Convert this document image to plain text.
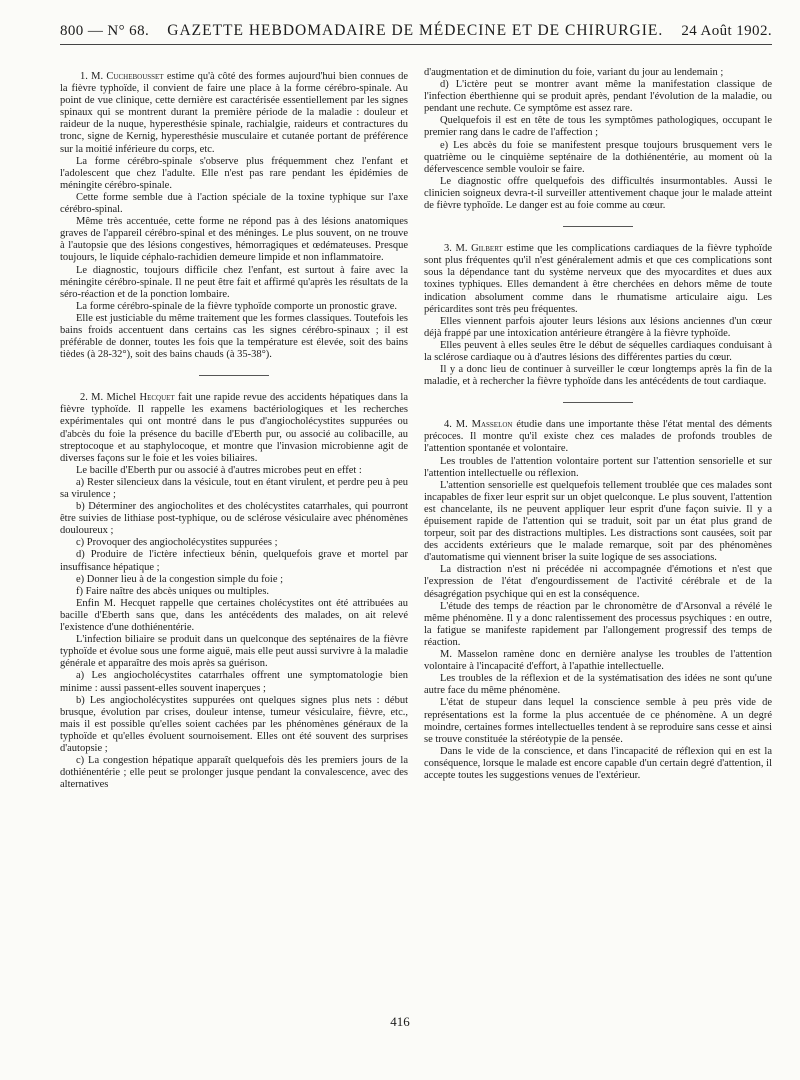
800 — N° 68. GAZETTE HEBDOMADAIRE DE MÉDECINE ET DE CHIRURGIE. 24 Août 1902.

1. M. Cuchebousset estime qu'à côté des formes aujourd'hui bien connues de la fièvre typhoïde, il convient de faire une place à la forme cérébro-spinale. Au point de vue clinique, cette dernière est caractérisée essentiellement par les signes spinaux qui se montrent durant la première période de la maladie : douleur et raideur de la nuque, hyperesthésie spinale, rachialgie, raideurs et contractures du tronc, signe de Kernig, hyperesthésie musculaire et cutanée portant de préférence sur la moitié inférieure du corps, etc.

La forme cérébro-spinale s'observe plus fréquemment chez l'enfant et l'adolescent que chez l'adulte. Elle n'est pas rare pendant les épidémies de méningite cérébro-spinale.

Cette forme semble due à l'action spéciale de la toxine typhique sur l'axe cérébro-spinal.

Même très accentuée, cette forme ne répond pas à des lésions anatomiques graves de l'appareil cérébro-spinal et des méninges. Le plus souvent, on ne trouve à l'autopsie que des lésions congestives, hémorragiques et œdémateuses. Presque toujours, le liquide céphalo-rachidien demeure limpide et non inflammatoire.

Le diagnostic, toujours difficile chez l'enfant, est surtout à faire avec la méningite cérébro-spinale. Il ne peut être fait et affirmé qu'après les résultats de la séro-réaction et de la ponction lombaire.

La forme cérébro-spinale de la fièvre typhoïde comporte un pronostic grave.

Elle est justiciable du même traitement que les formes classiques. Toutefois les bains froids accentuent dans certains cas les signes cérébro-spinaux ; il est préférable de donner, toutes les fois que la température est élevée, soit des bains tièdes (à 28-32°), soit des bains chauds (à 35-38°).

2. M. Michel Hecquet fait une rapide revue des accidents hépatiques dans la fièvre typhoïde. Il rappelle les examens bactériologiques et les recherches expérimentales qui ont montré dans le pus d'angiocholécystites suppurées ou d'abcès du foie la présence du bacille d'Eberth pur, ou associé au colibacille, au streptocoque et au staphylocoque, et montre que l'invasion microbienne agit de diverses façons sur le foie et les voies biliaires.

Le bacille d'Eberth pur ou associé à d'autres microbes peut en effet :

a) Rester silencieux dans la vésicule, tout en étant virulent, et perdre peu à peu sa virulence ;

b) Déterminer des angiocholites et des cholécystites catarrhales, qui pourront être suivies de lithiase post-typhique, ou de sclérose vésiculaire avec phénomènes douloureux ;

c) Provoquer des angiocholécystites suppurées ;

d) Produire de l'ictère infectieux bénin, quelquefois grave et mortel par insuffisance hépatique ;

e) Donner lieu à de la congestion simple du foie ;

f) Faire naître des abcès uniques ou multiples.

Enfin M. Hecquet rappelle que certaines cholécystites ont été attribuées au bacille d'Eberth sans que, dans les antécédents des malades, on ait relevé l'existence d'une dothiénentérie.

L'infection biliaire se produit dans un quelconque des septénaires de la fièvre typhoïde et évolue sous une forme aiguë, mais elle peut aussi survivre à la maladie générale et apparaître des mois après sa guérison.

a) Les angiocholécystites catarrhales offrent une symptomatologie bien minime : aussi passent-elles souvent inaperçues ;

b) Les angiocholécystites suppurées ont quelques signes plus nets : début brusque, évolution par crises, douleur intense, tumeur vésiculaire, fièvre, etc., mais il est possible qu'elles soient cachées par les phénomènes généraux de la typhoïde et qu'elles évoluent sournoisement. Elles ont été souvent des surprises d'autopsie ;

c) La congestion hépatique apparaît quelquefois dès les premiers jours de la dothiénentérie ; elle peut se prolonger jusque pendant la convalescence, avec des alternatives

d'augmentation et de diminution du foie, variant du jour au lendemain ;

d) L'ictère peut se montrer avant même la manifestation classique de l'infection éberthienne qui se produit après, pendant l'évolution de la maladie, ou pendant une rechute. Ce symptôme est assez rare.

Quelquefois il est en tête de tous les symptômes pathologiques, occupant le premier rang dans le cadre de l'affection ;

e) Les abcès du foie se manifestent presque toujours brusquement vers le quatrième ou le cinquième septénaire de la dothiénentérie, au moment où la défervescence semble vouloir se faire.

Le diagnostic offre quelquefois des difficultés insurmontables. Aussi le clinicien soigneux devra-t-il surveiller attentivement chaque jour le malade atteint de fièvre typhoïde. Le danger est au foie comme au cœur.

3. M. Gilbert estime que les complications cardiaques de la fièvre typhoïde sont plus fréquentes qu'il n'est généralement admis et que ces complications sont sous la dépendance tant du système nerveux que des myocardites et dues aux toxines typhiques. Elles demandent à être cherchées en dehors même de toute indication absolument comme dans le rhumatisme articulaire aigu. Les péricardites sont très peu fréquentes.

Elles viennent parfois ajouter leurs lésions aux lésions anciennes d'un cœur déjà frappé par une intoxication antérieure étrangère à la fièvre typhoïde.

Elles peuvent à elles seules être le début de séquelles cardiaques conduisant à la sclérose cardiaque ou à d'autres lésions des différentes parties du cœur.

Il y a donc lieu de continuer à surveiller le cœur longtemps après la fin de la maladie, et à rechercher la fièvre typhoïde dans les antécédents de tout cardiaque.

4. M. Masselon étudie dans une importante thèse l'état mental des déments précoces. Il montre qu'il existe chez ces malades de profonds troubles de l'attention spontanée et volontaire.

Les troubles de l'attention volontaire portent sur l'attention sensorielle et sur l'attention intellectuelle ou réflexion.

L'attention sensorielle est quelquefois tellement troublée que ces malades sont incapables de fixer leur esprit sur un objet quelconque. Le plus souvent, l'attention est chancelante, ils ne peuvent appliquer leur esprit d'une façon suivie. Il y a épuisement rapide de l'attention qui se traduit, soit par un état plus grand de torpeur, soit par des distractions multiples. Les distractions sont causées, soit par des accidents extérieurs que le malade remarque, soit par des phénomènes d'automatisme qui viennent briser la suite logique de ses associations.

La distraction n'est ni précédée ni accompagnée d'émotions et n'est que l'expression de l'état d'engourdissement de l'activité cérébrale et de la désagrégation psychique qui en est la conséquence.

L'étude des temps de réaction par le chronomètre de d'Arsonval a révélé le même phénomène. Il y a donc ralentissement des processus psychiques : en outre, la fatigue se manifeste rapidement par l'allongement progressif des temps de réaction.

M. Masselon ramène donc en dernière analyse les troubles de l'attention volontaire à l'incapacité d'effort, à l'apathie intellectuelle.

Les troubles de la réflexion et de la systématisation des idées ne sont qu'une autre face du même phénomène.

L'état de stupeur dans lequel la conscience semble à peu près vide de représentations est la forme la plus accentuée de ce phénomène. A un degré moindre, certaines formes intellectuelles tendent à se reproduire sans cesse et ainsi se trouve constituée la stéréotypie de la pensée.

Dans le vide de la conscience, et dans l'incapacité de réflexion qui en est la conséquence, lorsque le malade est encore capable d'un certain degré d'attention, il accepte toutes les suggestions venues de l'extérieur.

416
